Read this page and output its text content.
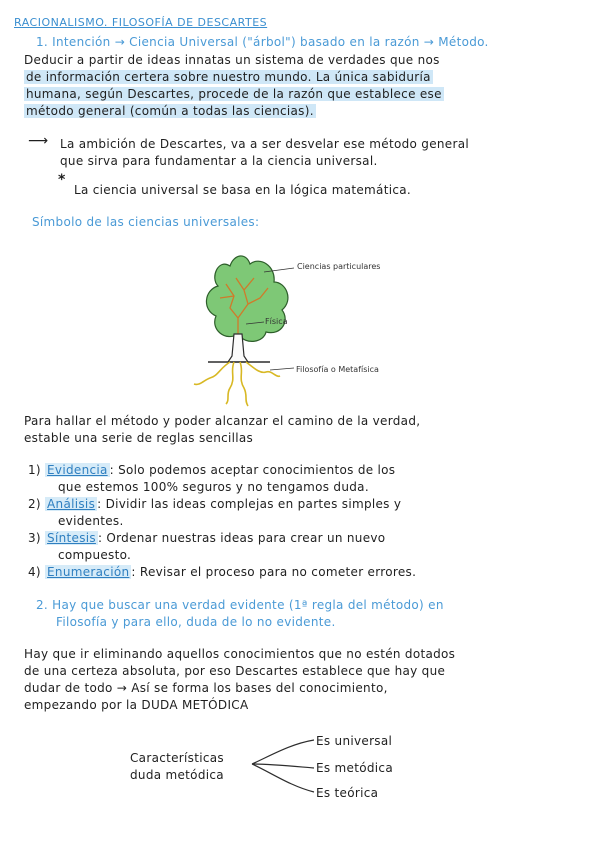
RACIONALISMO. FILOSOFÍA DE DESCARTES
1. Intención → Ciencia Universal ("árbol") basado en la razón → Método.
Deducir a partir de ideas innatas un sistema de verdades que nos
de información certera sobre nuestro mundo. La única sabiduría
humana, según Descartes, procede de la razón que establece ese
método general (común a todas las ciencias).
⟶ La ambición de Descartes, va a ser desvelar ese método general
que sirva para fundamentar a la ciencia universal.
*
La ciencia universal se basa en la lógica matemática.
Símbolo de las ciencias universales:
Ciencias particulares
Física
Filosofía o Metafísica
Para hallar el método y poder alcanzar el camino de la verdad,
estable una serie de reglas sencillas
1) Evidencia : Solo podemos aceptar conocimientos de los
que estemos 100% seguros y no tengamos duda.
2) Análisis : Dividir las ideas complejas en partes simples y
evidentes.
3) Síntesis : Ordenar nuestras ideas para crear un nuevo
compuesto.
4) Enumeración : Revisar el proceso para no cometer errores.
2. Hay que buscar una verdad evidente (1ª regla del método) en
Filosofía y para ello, duda de lo no evidente.
Hay que ir eliminando aquellos conocimientos que no estén dotados
de una certeza absoluta, por eso Descartes establece que hay que
dudar de todo → Así se forma los bases del conocimiento,
empezando por la DUDA METÓDICA
Características
duda metódica
Es universal
Es metódica
Es teórica
